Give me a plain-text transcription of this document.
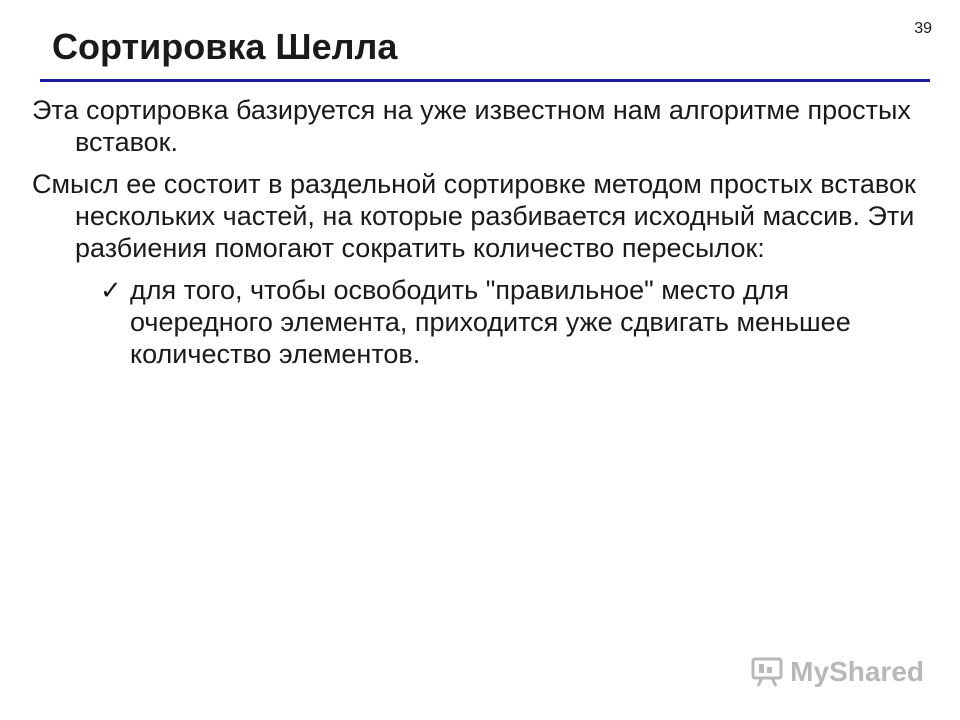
39
Сортировка Шелла

Эта сортировка базируется на уже известном нам алгоритме простых вставок.

Смысл ее состоит в раздельной сортировке методом простых вставок нескольких частей, на которые разбивается исходный массив. Эти разбиения помогают сократить количество пересылок:

✓ для того, чтобы освободить "правильное" место для очередного элемента, приходится уже сдвигать меньшее количество элементов.
MyShared
